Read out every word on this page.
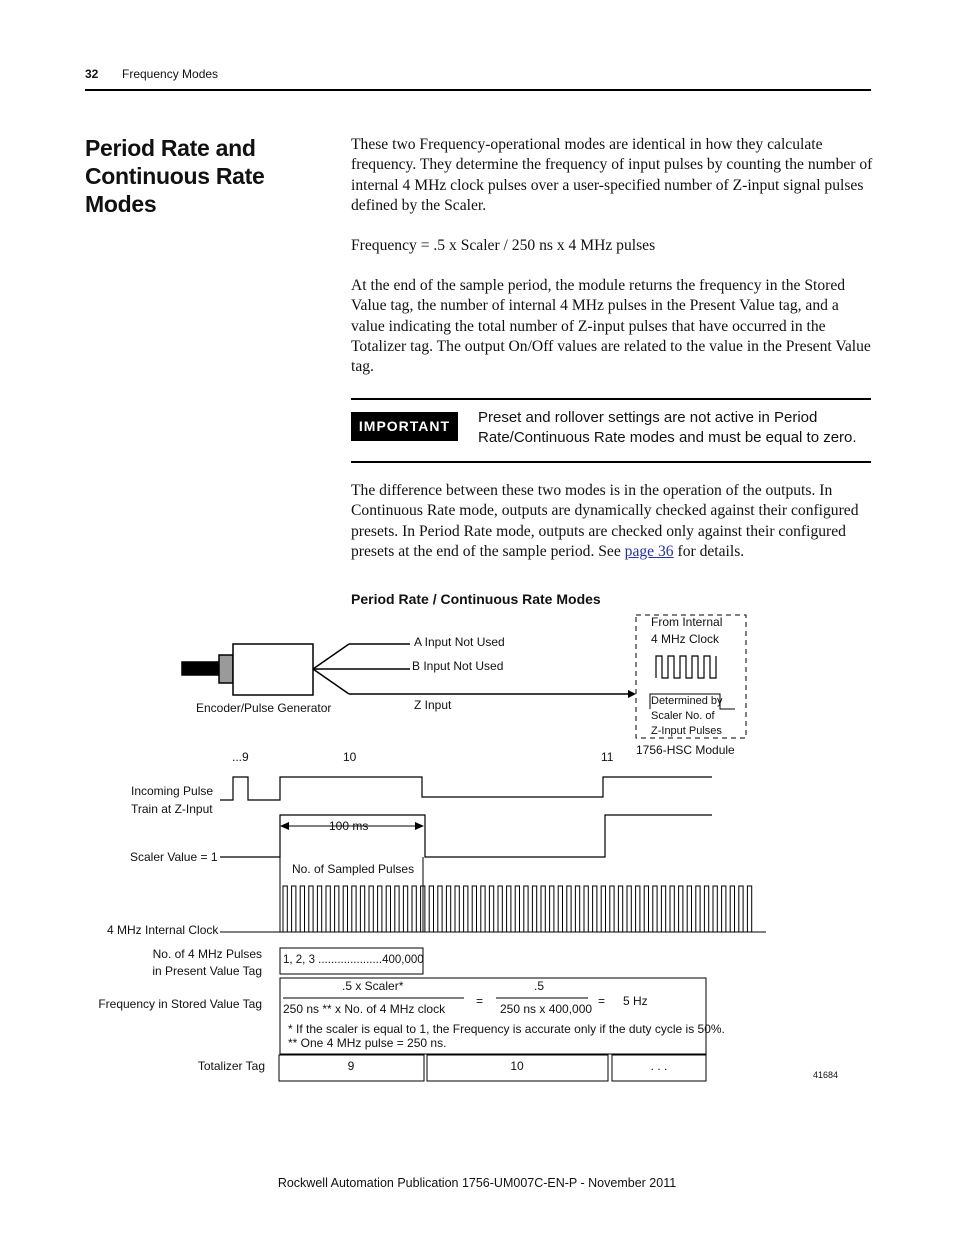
32 Frequency Modes
Period Rate and Continuous Rate Modes

These two Frequency-operational modes are identical in how they calculate frequency. They determine the frequency of input pulses by counting the number of internal 4 MHz clock pulses over a user-specified number of Z-input signal pulses defined by the Scaler.

Frequency = .5 x Scaler / 250 ns x 4 MHz pulses

At the end of the sample period, the module returns the frequency in the Stored Value tag, the number of internal 4 MHz pulses in the Present Value tag, and a value indicating the total number of Z-input pulses that have occurred in the Totalizer tag. The output On/Off values are related to the value in the Present Value tag.

IMPORTANT	Preset and rollover settings are not active in Period Rate/Continuous Rate modes and must be equal to zero.

The difference between these two modes is in the operation of the outputs. In Continuous Rate mode, outputs are dynamically checked against their configured presets. In Period Rate mode, outputs are checked only against their configured presets at the end of the sample period. See page 36 for details.

Period Rate / Continuous Rate Modes
A Input Not Used
B Input Not Used
Z Input
Encoder/Pulse Generator
From Internal
4 MHz Clock
Determined by
Scaler No. of
Z-Input Pulses
1756-HSC Module
...9	10	11
Incoming Pulse
Train at Z-Input
100 ms
Scaler Value = 1
No. of Sampled Pulses
4 MHz Internal Clock
No. of 4 MHz Pulses
in Present Value Tag
1, 2, 3 ....................400,000
Frequency in Stored Value Tag
.5 x Scaler*
250 ns ** x No. of 4 MHz clock
=
.5
250 ns x 400,000
= 5 Hz
* If the scaler is equal to 1, the Frequency is accurate only if the duty cycle is 50%.
** One 4 MHz pulse = 250 ns.
Totalizer Tag	9	10	. . .
41684
Rockwell Automation Publication 1756-UM007C-EN-P - November 2011
